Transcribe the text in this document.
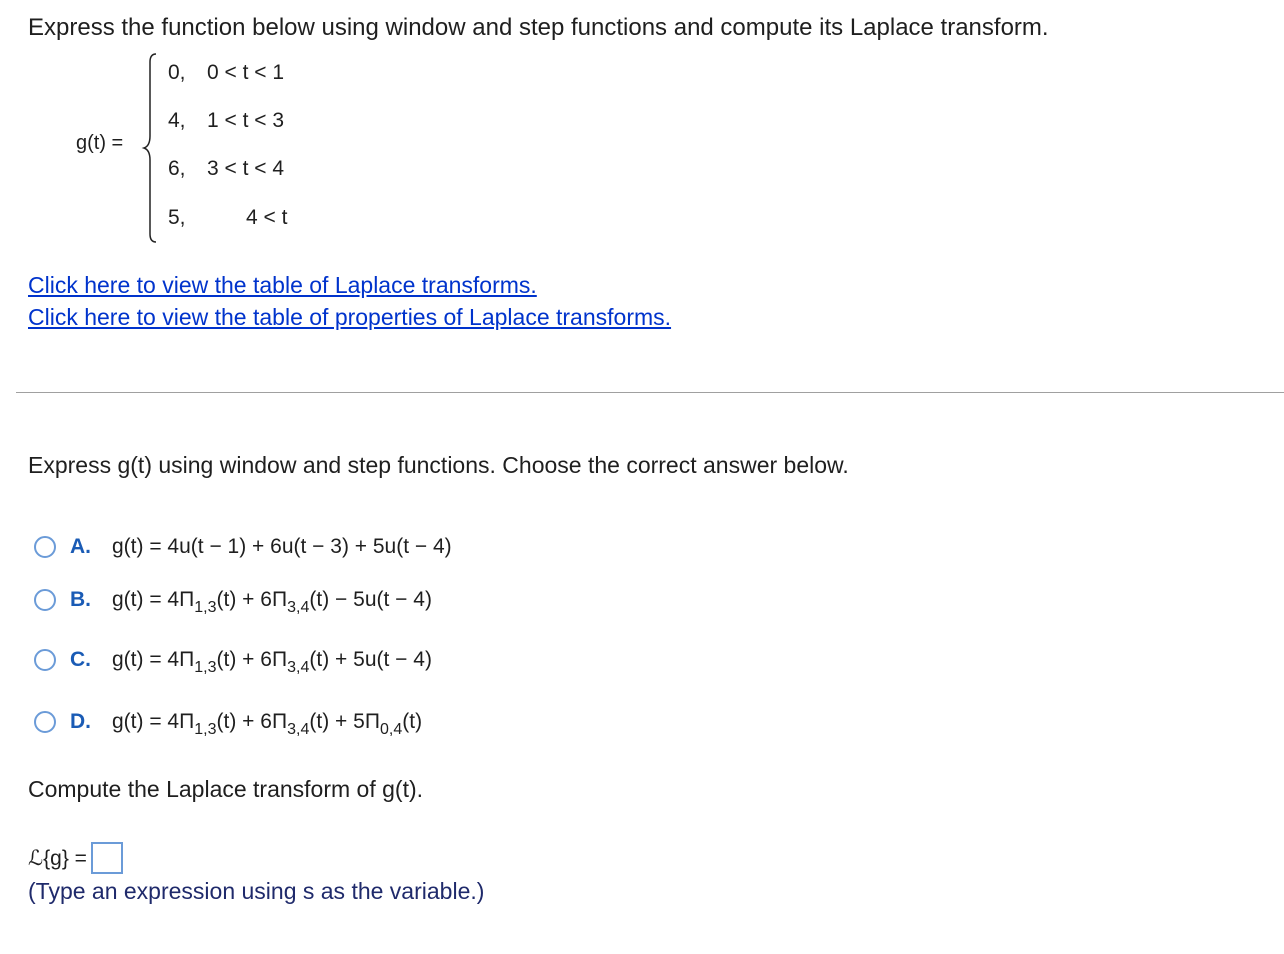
Express the function below using window and step functions and compute its Laplace transform.
g(t) =
0, 0 < t < 1
4, 1 < t < 3
6, 3 < t < 4
5,	4 < t
Click here to view the table of Laplace transforms.
Click here to view the table of properties of Laplace transforms.
Express g(t) using window and step functions. Choose the correct answer below.
A.	g(t) = 4u(t − 1) + 6u(t − 3) + 5u(t − 4)
B.	$g(t) = 4\Pi_{1,3}(t) + 6\Pi_{3,4}(t) - 5u(t - 4)$
C.	$g(t) = 4\Pi_{1,3}(t) + 6\Pi_{3,4}(t) + 5u(t - 4)$
D.	$g(t) = 4\Pi_{1,3}(t) + 6\Pi_{3,4}(t) + 5\Pi_{0,4}(t)$
Compute the Laplace transform of g(t).
ℒ{g} =
(Type an expression using s as the variable.)
